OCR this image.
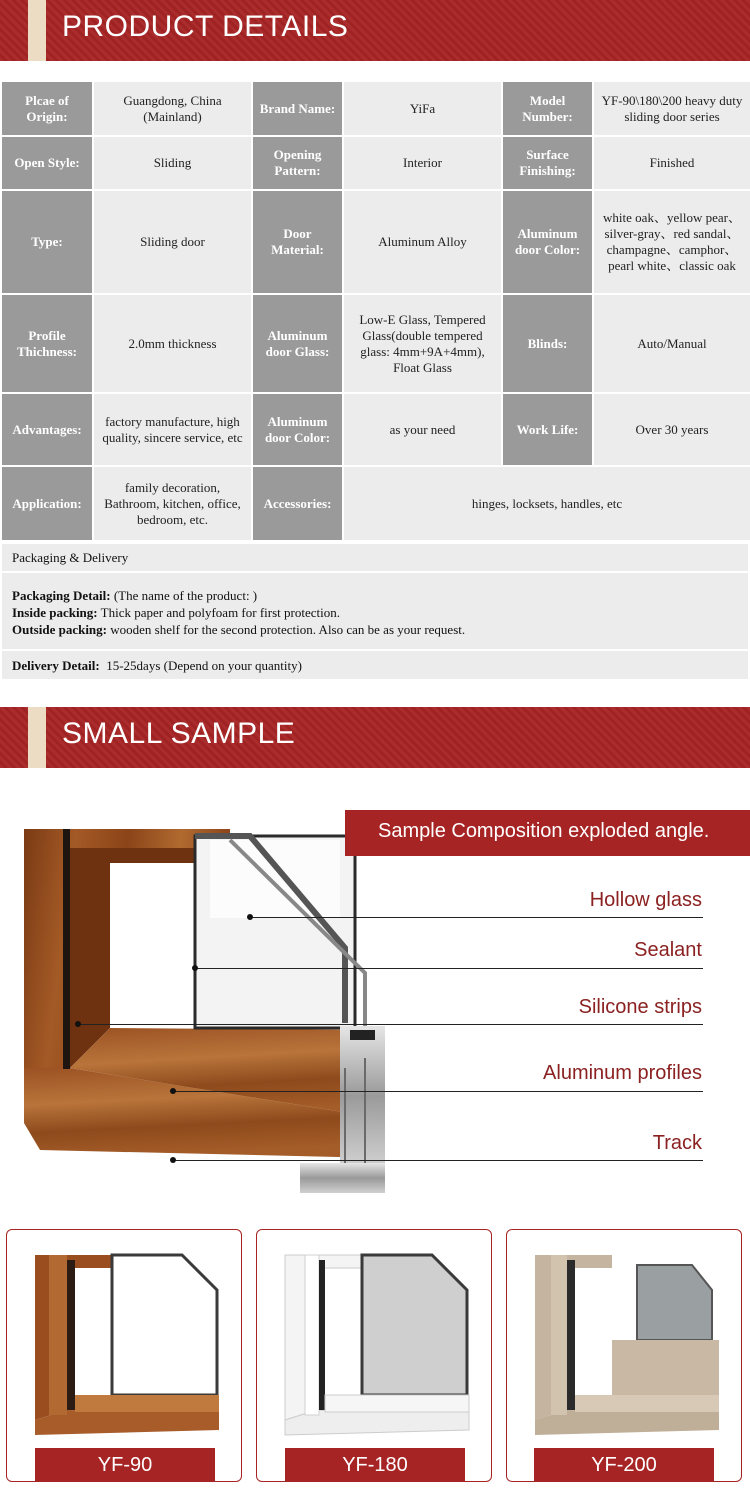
PRODUCT DETAILS
Plcae of Origin:	Guangdong, China (Mainland)	Brand Name:	YiFa	Model Number:	YF-90\180\200 heavy duty sliding door series
Open Style:	Sliding	Opening Pattern:	Interior	Surface Finishing:	Finished
Type:	Sliding door	Door Material:	Aluminum Alloy	Aluminum door Color:	white oak、yellow pear、silver-gray、red sandal、champagne、camphor、pearl white、classic oak
Profile Thichness:	2.0mm thickness	Aluminum door Glass:	Low-E Glass, Tempered Glass(double tempered glass: 4mm+9A+4mm), Float Glass	Blinds:	Auto/Manual
Advantages:	factory manufacture, high quality, sincere service, etc	Aluminum door Color:	as your need	Work Life:	Over 30 years
Application:	family decoration, Bathroom, kitchen, office, bedroom, etc.	Accessories:	hinges, locksets, handles, etc		
Packaging & Delivery
Packaging Detail: (The name of the product: )
Inside packing: Thick paper and polyfoam for first protection.
Outside packing: wooden shelf for the second protection. Also can be as your request.
Delivery Detail: 15-25days (Depend on your quantity)
SMALL SAMPLE
Sample Composition exploded angle.
Hollow glass
Sealant
Silicone strips
Aluminum profiles
Track
YF-90	YF-180	YF-200
